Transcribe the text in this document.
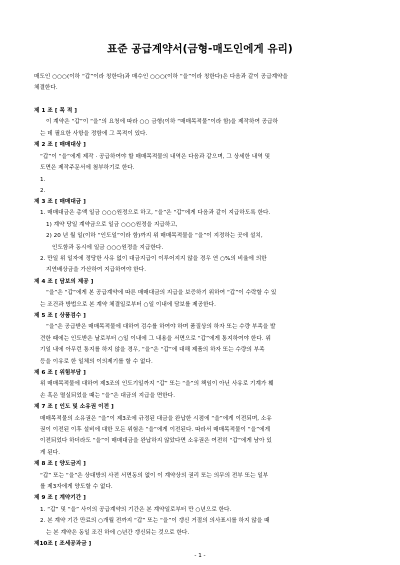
표준 공급계약서(금형-매도인에게 유리)
매도인 ○○○(이하 “갑”이라 칭한다)과 매수인 ○○○(이하 “을”이라 칭한다)은 다음과 같이 공급계약을
체결한다.
제 1 조 [ 목 적 ]
이 계약은 “갑”이 “을”의 요청에 따라 ○○ 금형(이하 “매매목적물”이라 함)을 제작하여 공급하
는 데 필요한 사항을 정함에 그 목적이 있다.
제 2 조 [ 매매대상 ]
“갑”이 “을”에게 제작 · 공급하여야 할 매매목적물의 내역은 다음과 같으며, 그 상세한 내역 및
도면은 제작주문서에 첨부하기로 한다.
1.
2.
제 3 조 [ 매매대금 ]
1. 매매대금은 총액 일금 ○○○원정으로 하고, “을”은 “갑”에게 다음과 같이 지급하도록 한다.
1) 계약 당일 계약금으로 일금 ○○○원정을 지급하고,
2) 20 년 월 일(이하 “인도일”이라 함)까지 위 매매목적물을 “을”이 지정하는 곳에 설치,
인도함과 동시에 일금 ○○○원정을 지급한다.
2. 만일 위 일자에 정당한 사유 없이 대금지급이 이루어지지 않을 경우 연 ○%의 비율에 의한
지연배상금을 가산하여 지급하여야 한다.
제 4 조 [ 담보의 제공 ]
“을”은 “갑”에게 본 공급계약에 따른 매매대금의 지급을 보증하기 위하여 “갑”이 수락할 수 있
는 조건과 방법으로 본 계약 체결일로부터 ○일 이내에 담보를 제공한다.
제 5 조 [ 상품검수 ]
“을”은 공급받은 매매목적물에 대하여 검수를 하여야 하며 품질상의 하자 또는 수량 부족을 발
견한 때에는 인도받은 날로부터 ○일 이내에 그 내용을 서면으로 “갑”에게 통지하여야 한다. 위
기일 내에 아무런 통지를 하지 않을 경우, “을”은 “갑”에 대해 제품의 하자 또는 수량의 부족
등을 이유로 한 일체의 이의제기를 할 수 없다.
제 6 조 [ 위험부담 ]
위 매매목적물에 대하여 제3조의 인도기일까지 “갑” 또는 “을”의 책임이 아닌 사유로 기계가 훼
손 혹은 멸실되었을 때는 “을”은 대금의 지급을 면한다.
제 7 조 [ 인도 및 소유권 이전 ]
매매목적물의 소유권은 “을”이 제3조에 규정된 대금을 완납한 시점에 “을”에게 이전되며, 소유
권이 이전된 이후 설비에 대한 모든 위험은 “을”에게 이전된다. 따라서 매매목적물이 “을”에게
이전되었다 하더라도 “을”이 매매대금을 완납하지 않았다면 소유권은 여전히 “갑”에게 남아 있
게 된다.
제 8 조 [ 양도금지 ]
“갑” 또는 “을”은 상대방의 사전 서면동의 없이 이 계약상의 권리 또는 의무의 전부 또는 일부
를 제3자에게 양도할 수 없다.
제 9 조 [ 계약기간 ]
1. “갑” 및 “을” 사이의 공급계약의 기간은 본 계약일로부터 만 ○년으로 한다.
2. 본 계약 기간 만료의 ○개월 전까지 “갑” 또는 “을”이 갱신 거절의 의사표시를 하지 않을 때
는 본 계약은 동일 조건 하에 ○년간 갱신되는 것으로 한다.
제10조 [ 조세공과금 ]
- 1 -
